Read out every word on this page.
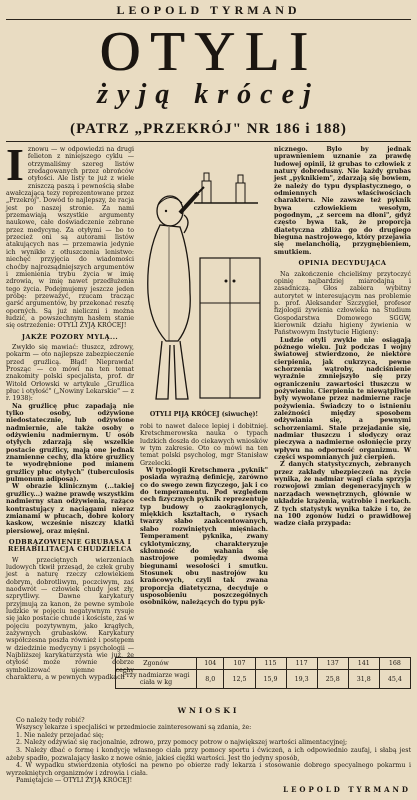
LEOPOLD TYRMAND
OTYLI
żyją krócej
(PATRZ „PRZEKRÓJ" NR 186 i 188)
I znowu — w odpowiedzi na drugi felieton z niniejszego cyklu — otrzymaliśmy szereg listów zredagowanych przez obrońców otyłości. Ale listy te już z wiele zniszczą paszą i pewnością słabe awałczającą tezy reprezentowane przez „Przekrój". Dowód to najlepszy, że racja jest po naszej stronie. Za nami przemawiają wszystkie argumenty naukowe, całe doświadczenie zebrane przez medycynę. Za otyłymi — bo to przecież oni są autorami listów atakujących nas — przemawia jedynie ich wynikłe z otłuszczenia lenistwo: niechęć przyjęcia do wiadomości choćby najrozsądniejszych argumentów i zmienienia trybu życia w imię zdrowia, w imię nawet przedłużenia tego życia. Podejmujemy jeszcze jeden próbę: przeważyć, rzucam tracząc garść argumentów, by przekonać resztę oporných. Są już nieliczni i można łudzić, a powszechnym hasłem stanie się ostrzeżenie: OTYLI ŻYJĄ KRÓCEJ!

JAKŻE POZORY MYLĄ...

Zwykło się mawiać: tłuszcz, zdrowy, pokarm — oto najlepsze zabezpieczenie przed gruźlicą. Błąd! Nieprawda! Prosząc — co mówi na ten temat znakomity polski specjalista, prof. dr Witold Orłowski w artykule „Gruźlica płuc i otyłość" („Nowiny Lekarskie" — z r. 1938):

Na gruźlicę płuc zapadają nie tylko osoby, odżywione niedostatecznie, lub odżywione nadmiernie, ale także osoby o odżywieniu nadmiernym. U osób otyłych zdarzają się wszelkie postacie gruźlicy, mają one jednak znamienne cechy, dla które gruźlicy te wyodrębnione pod mianem gruźlicy płuc otyłych" (tuberculosis pulmonum adiposa).

W obrazie klinicznym (...takiej gruźlicy...) ważne prawdę wszystkim nadmierny stan odżywienia, rażąco kontrastujący z naciągami nieraz zmianami w płucach, dobre kolory kaskow, wcześnie niszczy klatki piersiowej, oraz mięśni.

ODBRĄZOWIENIE GRUBASA I REHABILITACJA CHUDZIELCA

W przeciętnych wierzeniach ludowych tkwił przesąd, że człek gruby jest a naturę rzeczy człowiekiem dobrym, dobrotliwym, poczciwym, zaś naodwrót — człowiek chudy jest zły, szprytliwy. Dawne karykatury przyjmują za kanon, że pewne symbole ludzkie w pojęciu negatywnym rysuje się jako postacie chude i kościste, zaś w pojęciu pozytywnym, jako krągłych, zażywnych grubasków. Karykatury współczesna poszła również i postępem w dziedzinie medycyny i psychologii — Najbliższej karykaturzysta wie już, że otyłość może równie dobrze symbolizować ujemne cechy charakteru, a w pewnych wypadkach

OTYLI PIJĄ KRÓCEJ (siwuchę)!

robi to nawet dalece lepiej i dobitniej. Kretschmerowska nauka o typach ludzkich doszła do ciekawych wniosków w tym zakresie. Oto co mówi na ten temat polski psycholog, mgr Stanisław Grzelecki.

W typologii Kretschmera „pyknik" posiada wyraźną definicję, zarówno co do swego zewn fizyczego, jak i co do temperamentu. Pod względem cech fizycznych pyknik reprezentuje typ budowy o zaokrąglonych, miękkich kształtach, o rysach twarzy słabo zaakcentowanych, słabo rozwiniętych mięśniach. Temperament pyknika, zwany cyklotymiczny, charakteryzuje skłonność do wahania się nastrojowe pomiędzy dwoma biegunami wesołości i smutku. Stosunek obu nastrojów ku krańcowych, czyli tak zwana proporcja diatetyczna, decyduje o usposobieniu poszczególnych osobników, należących do typu pyk-

nicznego. Bylo by jednak uprawnieniem uznanie za prawdę ludowej opinii, iż grubas to człowiek z natury dobrodusny. Nie każdy grubas jest „pyknikiem", zdarzają się bowiem, że należy do typu dysplastycznego, o odmiennych właściwościach charakteru. Nie zawsze też pyknik bywa człowiekiem wesołym, pogodnym, „z sercem na dłoni", gdyż często bywa tak, że proporcja diatetyczna zbliża go do drugiego bieguna nastrojowego, który przejawia się melancholią, przygnębieniem, smutkiem.

OPINIA DECYDUJĄCA

Na zakończenie chcieliśmy przytoczyć opinię najbardziej miarodajną i zasadniczą. Głos zabiera wybitny autorytet w interesującym nas problemie p. prof. Aleksander Szczygieł, profesor fizjologii żywienia człowieka na Studium Gospodarstwa Domowego SGGW, kierownik działu higieny żywienia w Państwowym Instytucie Higieny:

Ludzie otyli zwykle nie osiągają późnego wieku. Już podczas I wojny światowej stwierdzono, że niektóre cierpienia, jak cukrzyca, pewne schorzenia wątroby, nadciśnienie wyraźnie zmniejszyło się przy ograniczeniu zawartości tłuszczu w pożywieniu. Cierpienia te niewątpliwie były wywołane przez nadmierne racje pożywienia. Świadczy to o istnieniu zależności między sposobem odżywiania się, a pewnymi schorzeniami. Stale przejadanie się, nadmiar tłuszczu i słodyczy oraz pieczywa a nadmierne osłonięcie przy wpływu na odporność organizmu. W części wspomnianych już cierpień.

Z danych statystycznych, zebranych przez zakłady ubezpieczeń na życie wynika, że nadmiar wagi ciała sprzyja rozwojowi zmian degeneracyjnych w narządach wewnętrznych, głównie w układzie krążenia, wątrobie i nerkach. Z tych statystyk wynika także i to, że na 100 zgonów ludzi o prawidłowej wadze ciała przypada:

Zgonów	104	107	115	117	137	141	168
Przy nadmiarze wagi ciała w kg	8,0	12,5	15,9	19,3	25,8	31,8	45,4
WNIOSKI

Co należy tedy robić?

Wszyscy lekarze i specjaliści w przedmiocie zainteresowani są zdania, że:

1. Nie należy przejadać się;

2. Należy odżywiać się racjonalnie, zdrowo, przy pomocy potrow o największej wartości alimentacyjnej;

3. Należy dbać o formę i kondycję własnego ciała przy pomocy sportu i ćwiczeń, a ich odpowiednio zaufaj, i słabą jest ażeby spadło, pozwalający łasko z nowe ośnie, jakieś ciężki wartości. Jest tło jedyny sposób,

4. W wypadku stwierdzenia otyłości na pewno po obierze rady lekarza i stosowanie dobrego specyalnego pokarmu i wyrzekniętych organizmów i zdrowia i ciała.

Pamiętajcie — OTYLI ŻYJĄ KRÓCEJ!

LEOPOLD TYRMAND
